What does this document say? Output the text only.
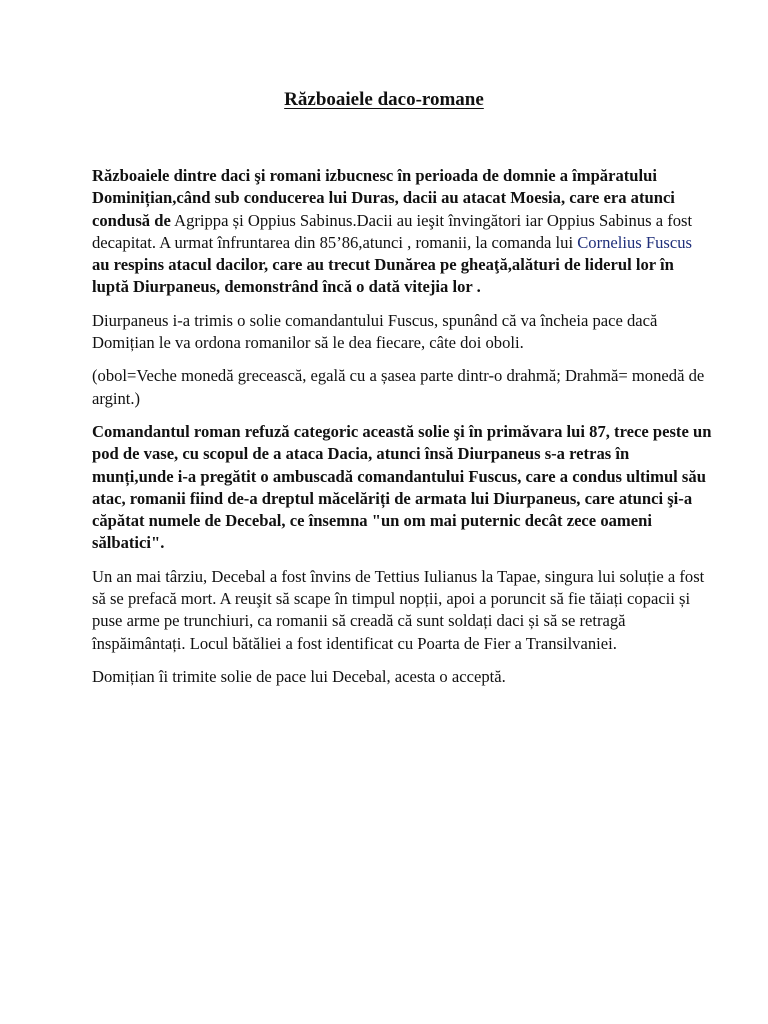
Războaiele daco-romane

Războaiele dintre daci şi romani izbucnesc în perioada de domnie a împăratului Dominițian,când sub conducerea lui Duras, dacii au atacat Moesia, care era atunci condusă de Agrippa și Oppius Sabinus.Dacii au ieşit învingători iar Oppius Sabinus a fost decapitat. A urmat înfruntarea din 85’86,atunci , romanii, la comanda lui Cornelius Fuscus au respins atacul dacilor, care au trecut Dunărea pe gheaţă,alături de liderul lor în luptă Diurpaneus, demonstrând încă o dată vitejia lor .

Diurpaneus i-a trimis o solie comandantului Fuscus, spunând că va încheia pace dacă Domițian le va ordona romanilor să le dea fiecare, câte doi oboli.

(obol=Veche monedă grecească, egală cu a șasea parte dintr-o drahmă; Drahmă= monedă de argint.)

Comandantul roman refuză categoric această solie şi în primăvara lui 87, trece peste un pod de vase, cu scopul de a ataca Dacia, atunci însă Diurpaneus s-a retras în munți,unde i-a pregătit o ambuscadă comandantului Fuscus, care a condus ultimul său atac, romanii fiind de-a dreptul măcelăriți de armata lui Diurpaneus, care atunci şi-a căpătat numele de Decebal, ce însemna "un om mai puternic decât zece oameni sălbatici".

Un an mai târziu, Decebal a fost învins de Tettius Iulianus la Tapae, singura lui soluție a fost să se prefacă mort. A reuşit să scape în timpul nopții, apoi a poruncit să fie tăiați copacii și puse arme pe trunchiuri, ca romanii să creadă că sunt soldați daci și să se retragă înspăimântați. Locul bătăliei a fost identificat cu Poarta de Fier a Transilvaniei.

Domițian îi trimite solie de pace lui Decebal, acesta o acceptă.
